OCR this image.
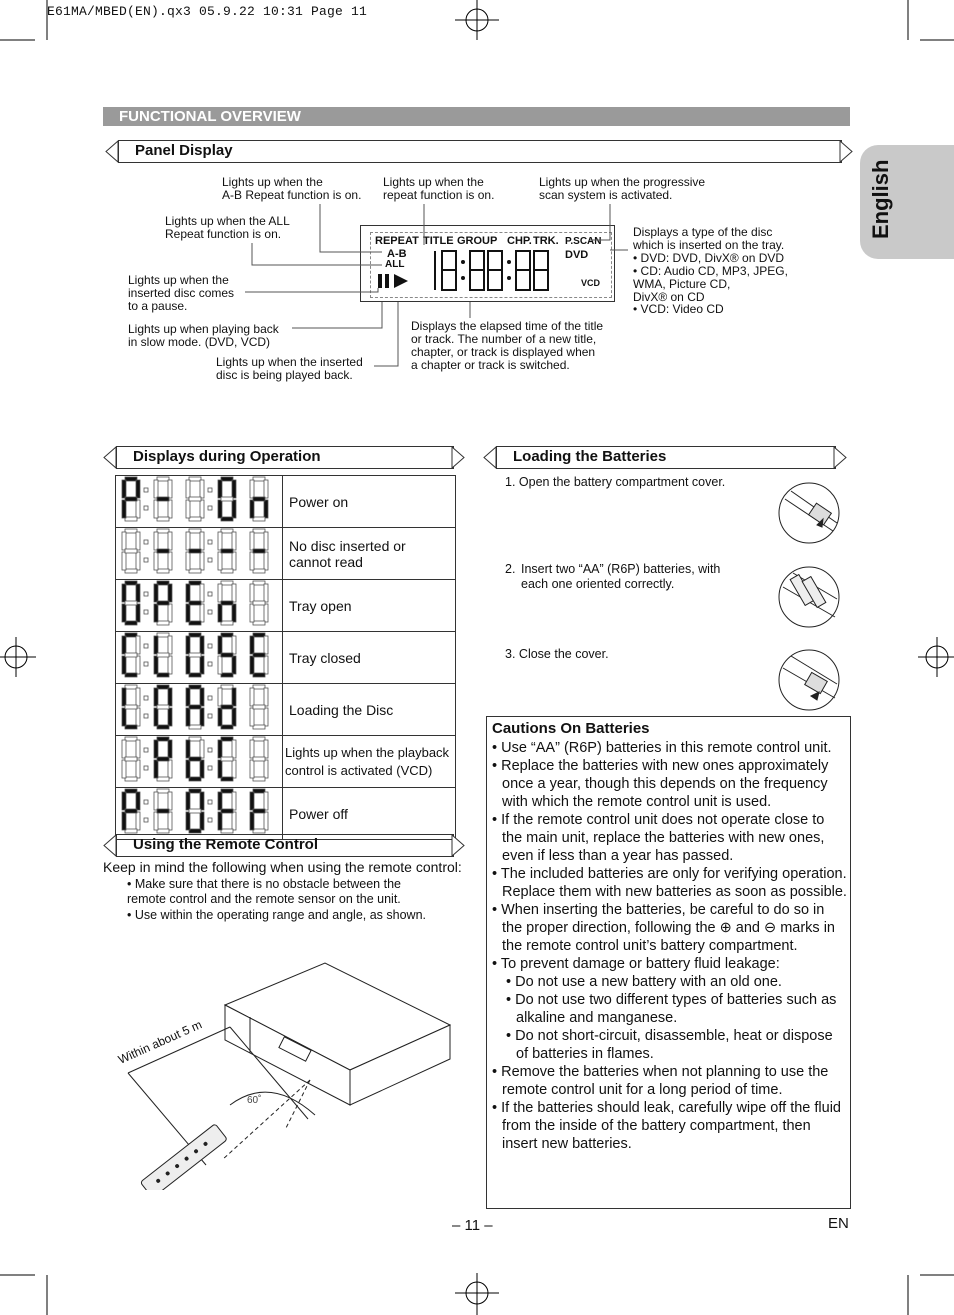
E61MA/MBED(EN).qx3 05.9.22 10:31 Page 11
FUNCTIONAL OVERVIEW
English
Panel Display
REPEAT
A-B
ALL
TITLE GROUP CHP. TRK. P.SCAN
DVD
VCD
Lights up when the
A-B Repeat function is on.
Lights up when the
repeat function is on.
Lights up when the progressive
scan system is activated.
Lights up when the ALL
Repeat function is on.
Lights up when the
inserted disc comes
to a pause.
Lights up when playing back
in slow mode. (DVD, VCD)
Lights up when the inserted
disc is being played back.
Displays the elapsed time of the title
or track. The number of a new title,
chapter, or track is displayed when
a chapter or track is switched.
Displays a type of the disc
which is inserted on the tray.
• DVD: DVD, DivX® on DVD
• CD: Audio CD, MP3, JPEG,
WMA, Picture CD,
DivX® on CD
• VCD: Video CD
Displays during Operation
	Power on
	No disc inserted or
cannot read
	Tray open
	Tray closed
	Loading the Disc
	Lights up when the playback
control is activated (VCD)
	Power off
Loading the Batteries
1. Open the battery compartment cover.
2. Insert two “AA” (R6P) batteries, with
each one oriented correctly.
3. Close the cover.
Cautions On Batteries
• Use “AA” (R6P) batteries in this remote control unit.
• Replace the batteries with new ones approximately once a year, though this depends on the frequency with which the remote control unit is used.
• If the remote control unit does not operate close to the main unit, replace the batteries with new ones, even if less than a year has passed.
• The included batteries are only for verifying operation. Replace them with new batteries as soon as possible.
• When inserting the batteries, be careful to do so in the proper direction, following the ⊕ and ⊖ marks in the remote control unit’s battery compartment.
• To prevent damage or battery fluid leakage:
• Do not use a new battery with an old one.
• Do not use two different types of batteries such as alkaline and manganese.
• Do not short-circuit, disassemble, heat or dispose of batteries in flames.
• Remove the batteries when not planning to use the remote control unit for a long period of time.
• If the batteries should leak, carefully wipe off the fluid from the inside of the battery compartment, then insert new batteries.
Using the Remote Control
Keep in mind the following when using the remote control:
• Make sure that there is no obstacle between the
remote control and the remote sensor on the unit.
• Use within the operating range and angle, as shown.
Within about 5 m
60˚
– 11 –	EN
